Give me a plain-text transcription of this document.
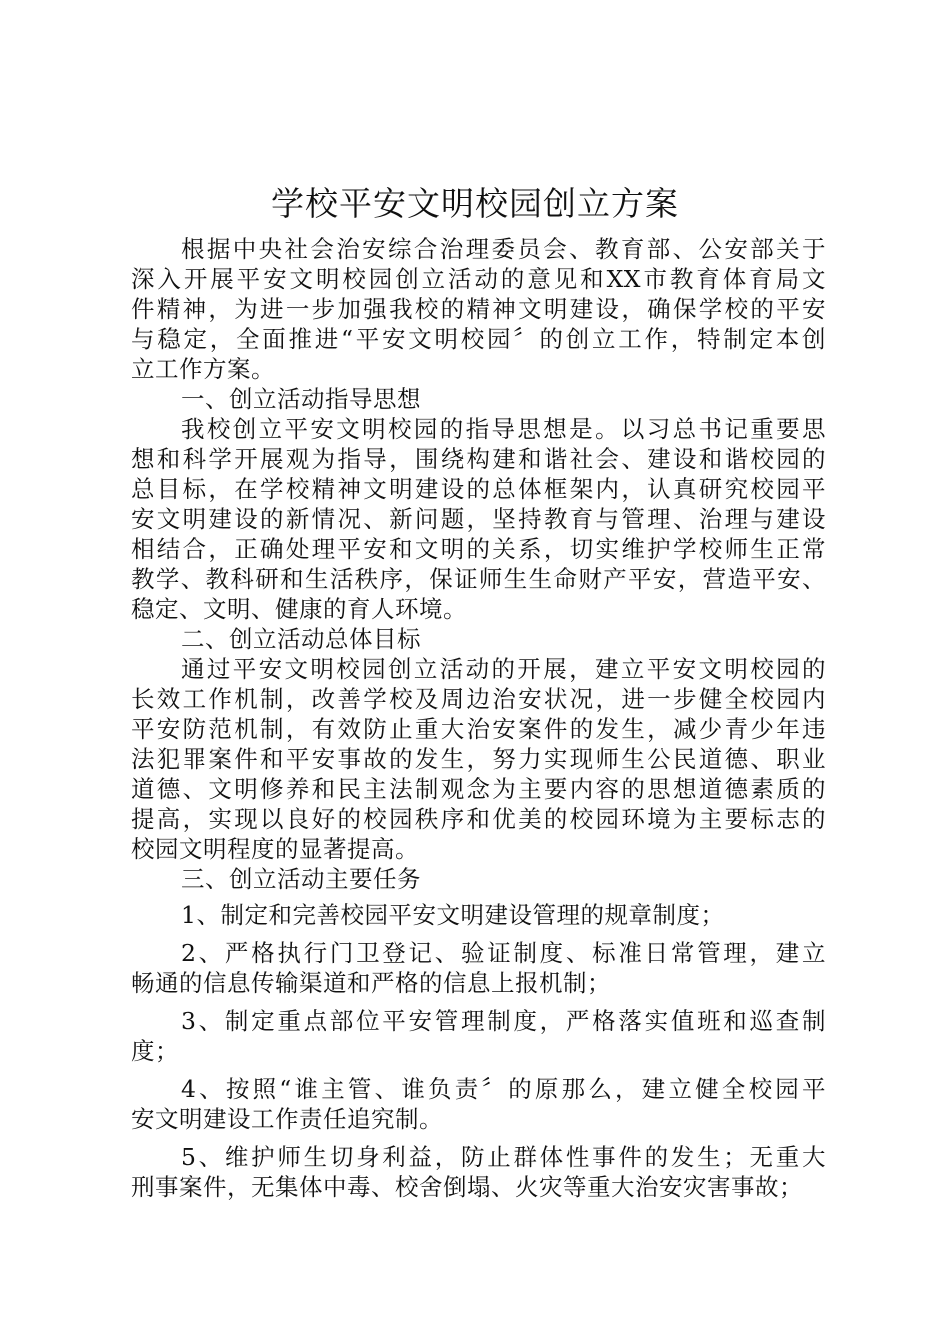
学校平安文明校园创立方案
根据中央社会治安综合治理委员会、教育部、公安部关于
深入开展平安文明校园创立活动的意见和XX市教育体育局文
件精神，为进一步加强我校的精神文明建设，确保学校的平安
与稳定，全面推进“平安文明校园〞的创立工作，特制定本创
立工作方案。
一、创立活动指导思想
我校创立平安文明校园的指导思想是。以习总书记重要思
想和科学开展观为指导，围绕构建和谐社会、建设和谐校园的
总目标，在学校精神文明建设的总体框架内，认真研究校园平
安文明建设的新情况、新问题，坚持教育与管理、治理与建设
相结合，正确处理平安和文明的关系，切实维护学校师生正常
教学、教科研和生活秩序，保证师生生命财产平安，营造平安、
稳定、文明、健康的育人环境。
二、创立活动总体目标
通过平安文明校园创立活动的开展，建立平安文明校园的
长效工作机制，改善学校及周边治安状况，进一步健全校园内
平安防范机制，有效防止重大治安案件的发生，减少青少年违
法犯罪案件和平安事故的发生，努力实现师生公民道德、职业
道德、文明修养和民主法制观念为主要内容的思想道德素质的
提高，实现以良好的校园秩序和优美的校园环境为主要标志的
校园文明程度的显著提高。
三、创立活动主要任务
1、制定和完善校园平安文明建设管理的规章制度；
2、严格执行门卫登记、验证制度、标准日常管理，建立
畅通的信息传输渠道和严格的信息上报机制；
3、制定重点部位平安管理制度，严格落实值班和巡查制
度；
4、按照“谁主管、谁负责〞的原那么，建立健全校园平
安文明建设工作责任追究制。
5、维护师生切身利益，防止群体性事件的发生；无重大
刑事案件，无集体中毒、校舍倒塌、火灾等重大治安灾害事故；
